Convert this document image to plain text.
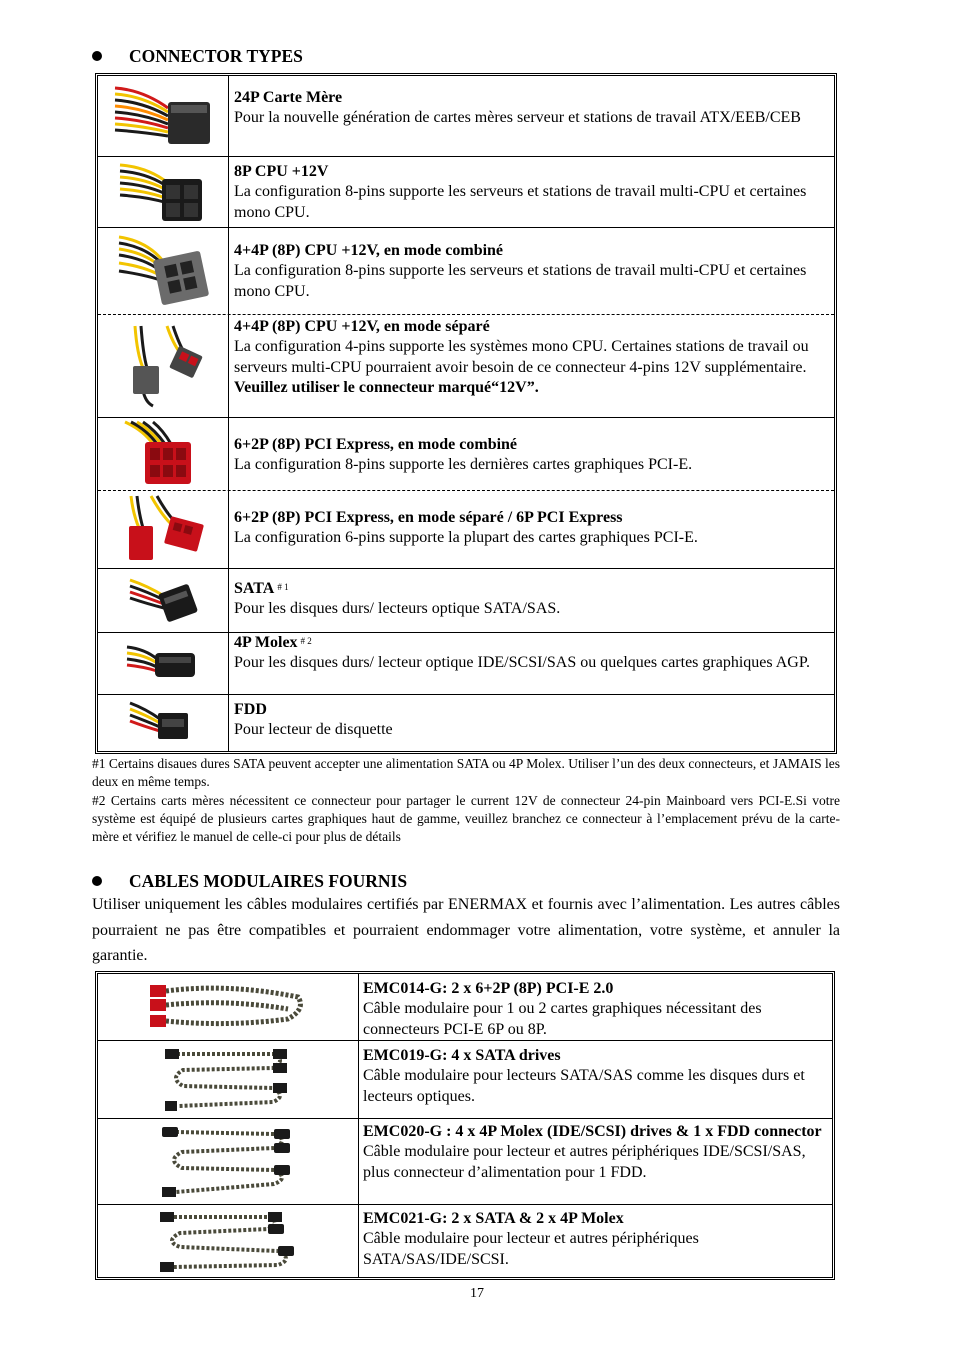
CONNECTOR TYPES
24P Carte Mère
Pour la nouvelle génération de cartes mères serveur et stations de travail ATX/EEB/CEB
8P CPU +12V
La configuration 8-pins supporte les serveurs et stations de travail multi-CPU et certaines mono CPU.
4+4P (8P) CPU +12V, en mode combiné
La configuration 8-pins supporte les serveurs et stations de travail multi-CPU et certaines mono CPU.
4+4P (8P) CPU +12V, en mode séparé
La configuration 4-pins supporte les systèmes mono CPU. Certaines stations de travail ou serveurs multi-CPU pourraient avoir besoin de ce connecteur 4-pins 12V supplémentaire.
Veuillez utiliser le connecteur marqué“12V”.
6+2P (8P) PCI Express, en mode combiné
La configuration 8-pins supporte les dernières cartes graphiques PCI-E.
6+2P (8P) PCI Express, en mode séparé / 6P PCI Express
La configuration 6-pins supporte la plupart des cartes graphiques PCI-E.
SATA $^{\# 1}$
Pour les disques durs/ lecteurs optique SATA/SAS.
4P Molex $^{\# 2}$
Pour les disques durs/ lecteur optique IDE/SCSI/SAS ou quelques cartes graphiques AGP.
FDD
Pour lecteur de disquette
#1 Certains disaues dures SATA peuvent accepter une alimentation SATA ou 4P Molex. Utiliser l’un des deux connecteurs, et JAMAIS les deux en même temps.
#2 Certains carts mères nécessitent ce connecteur pour partager le current 12V de connecteur 24-pin Mainboard vers PCI-E.Si votre système est équipé de plusieurs cartes graphiques haut de gamme, veuillez branchez ce connecteur à l’emplacement prévu de la carte-mère et vérifiez le manuel de celle-ci pour plus de détails
CABLES MODULAIRES FOURNIS
Utiliser uniquement les câbles modulaires certifiés par ENERMAX et fournis avec l’alimentation. Les autres câbles pourraient ne pas être compatibles et pourraient endommager votre alimentation, votre système, et annuler la garantie.
EMC014-G: 2 x 6+2P (8P) PCI-E 2.0
Câble modulaire pour 1 ou 2 cartes graphiques nécessitant des connecteurs PCI-E 6P ou 8P.
EMC019-G: 4 x SATA drives
Câble modulaire pour lecteurs SATA/SAS comme les disques durs et lecteurs optiques.
EMC020-G : 4 x 4P Molex (IDE/SCSI) drives & 1 x FDD connector
Câble modulaire pour lecteur et autres périphériques IDE/SCSI/SAS, plus connecteur d’alimentation pour 1 FDD.
EMC021-G: 2 x SATA & 2 x 4P Molex
Câble modulaire pour lecteur et autres périphériques SATA/SAS/IDE/SCSI.
17
